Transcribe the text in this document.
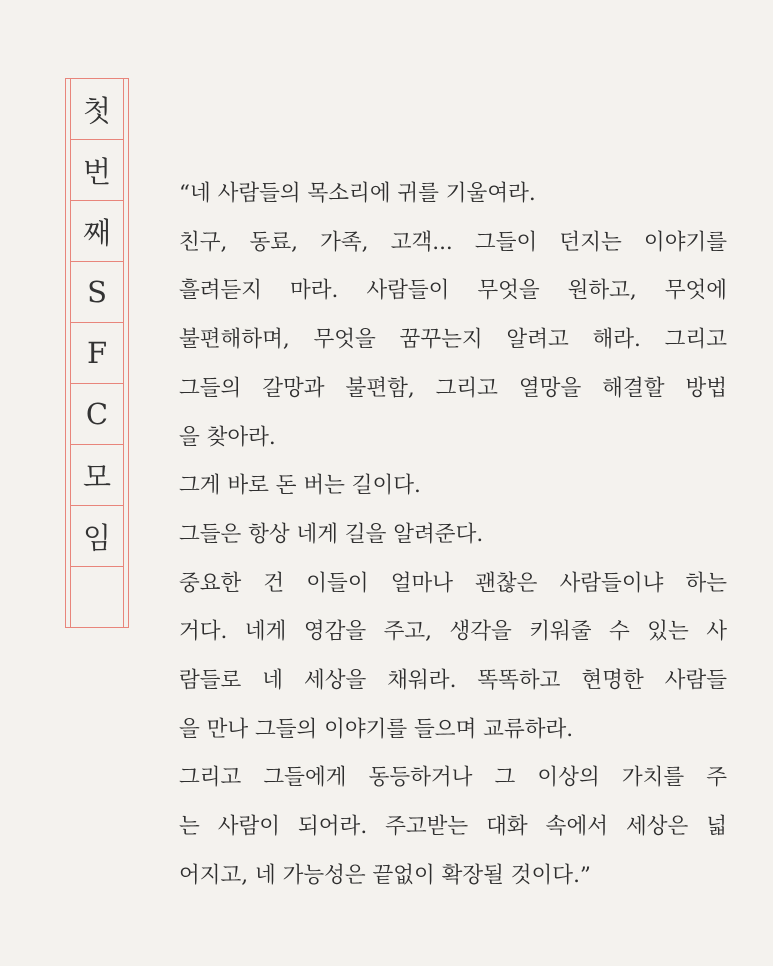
첫
번
째
S
F
C
모
임
“네 사람들의 목소리에 귀를 기울여라.
친구, 동료, 가족, 고객... 그들이 던지는 이야기를
흘려듣지 마라. 사람들이 무엇을 원하고, 무엇에
불편해하며, 무엇을 꿈꾸는지 알려고 해라. 그리고
그들의 갈망과 불편함, 그리고 열망을 해결할 방법
을 찾아라.
그게 바로 돈 버는 길이다.
그들은 항상 네게 길을 알려준다.
중요한 건 이들이 얼마나 괜찮은 사람들이냐 하는
거다. 네게 영감을 주고, 생각을 키워줄 수 있는 사
람들로 네 세상을 채워라. 똑똑하고 현명한 사람들
을 만나 그들의 이야기를 들으며 교류하라.
그리고 그들에게 동등하거나 그 이상의 가치를 주
는 사람이 되어라. 주고받는 대화 속에서 세상은 넓
어지고, 네 가능성은 끝없이 확장될 것이다.”
